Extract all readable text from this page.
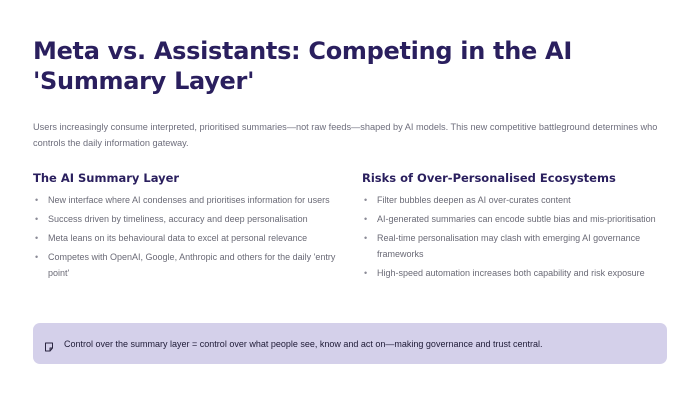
Meta vs. Assistants: Competing in the AI 'Summary Layer'

Users increasingly consume interpreted, prioritised summaries—not raw feeds—shaped by AI models. This new competitive battleground determines who controls the daily information gateway.

The AI Summary Layer
• New interface where AI condenses and prioritises information for users
• Success driven by timeliness, accuracy and deep personalisation
• Meta leans on its behavioural data to excel at personal relevance
• Competes with OpenAI, Google, Anthropic and others for the daily 'entry point'
Risks of Over-Personalised Ecosystems
• Filter bubbles deepen as AI over-curates content
• AI-generated summaries can encode subtle bias and mis-prioritisation
• Real-time personalisation may clash with emerging AI governance frameworks
• High-speed automation increases both capability and risk exposure
Control over the summary layer = control over what people see, know and act on—making governance and trust central.
